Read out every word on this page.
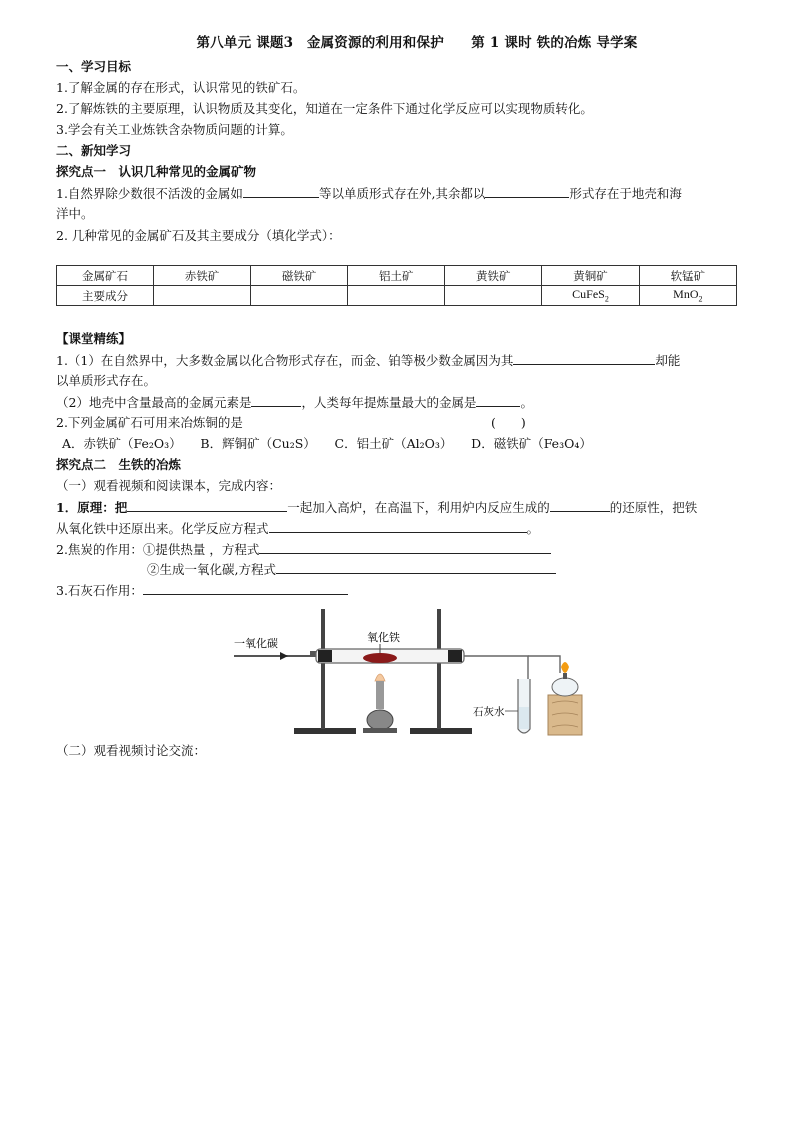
第八单元 课题3　金属资源的利用和保护　　第 1 课时 铁的冶炼 导学案
一、学习目标
1.了解金属的存在形式，认识常见的铁矿石。
2.了解炼铁的主要原理，认识物质及其变化，知道在一定条件下通过化学反应可以实现物质转化。
3.学会有关工业炼铁含杂物质问题的计算。
二、新知学习
探究点一　认识几种常见的金属矿物
1.自然界除少数很不活泼的金属如	等以单质形式存在外,其余都以	形式存在于地壳和海
洋中。
2. 几种常见的金属矿石及其主要成分（填化学式）：
金属矿石	赤铁矿	磁铁矿	铝土矿	黄铁矿	黄铜矿	软锰矿
主要成分					CuFeS$_2$	MnO$_2$
【课堂精练】
1.（1）在自然界中，大多数金属以化合物形式存在，而金、铂等极少数金属因为其	却能
以单质形式存在。
（2）地壳中含量最高的金属元素是	，人类每年提炼量最大的金属是	。
2.下列金属矿石可用来冶炼铜的是	(　　)
A．赤铁矿（Fe₂O₃）　　B．辉铜矿（Cu₂S）　　C．铝土矿（Al₂O₃）　　D．磁铁矿（Fe₃O₄）
探究点二　生铁的冶炼
（一）观看视频和阅读课本，完成内容：
1．原理：把	一起加入高炉，在高温下，利用炉内反应生成的	的还原性，把铁
从氧化铁中还原出来。化学反应方程式	。
2.焦炭的作用：①提供热量 ，方程式
②生成一氧化碳,方程式
3.石灰石作用：
一氧化碳	氧化铁
石灰水
（二）观看视频讨论交流：
